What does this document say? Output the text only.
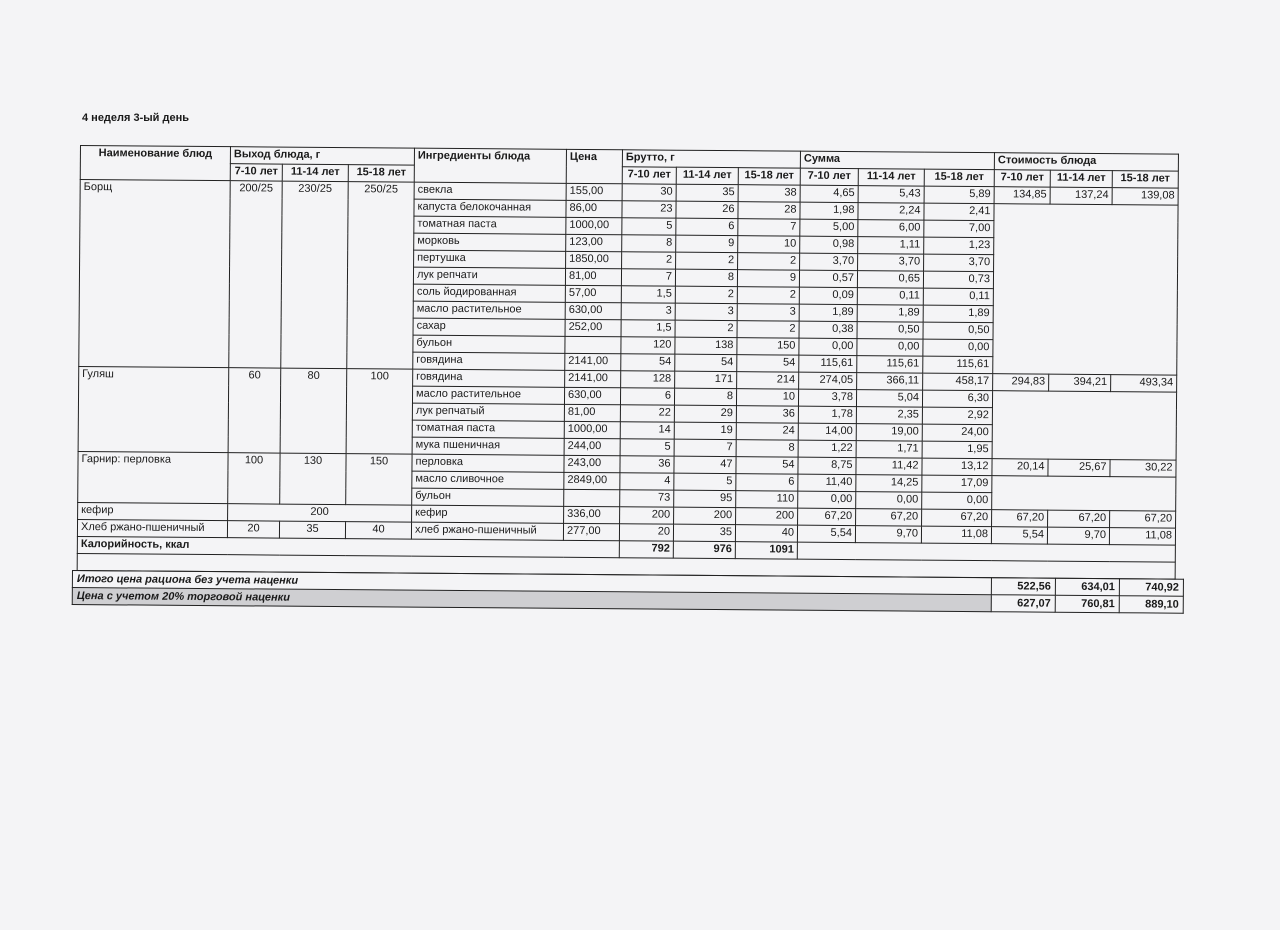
4 неделя 3-ый день
Наименование блюд	Выход блюда, г			Ингредиенты блюда	Цена	Брутто, г			Сумма			Стоимость блюда		
	7-10 лет	11-14 лет	15-18 лет			7-10 лет	11-14 лет	15-18 лет	7-10 лет	11-14 лет	15-18 лет	7-10 лет	11-14 лет	15-18 лет
Борщ	200/25	230/25	250/25	свекла	155,00	30	35	38	4,65	5,43	5,89	134,85	137,24	139,08
				капуста белокочанная	86,00	23	26	28	1,98	2,24	2,41			
				томатная паста	1000,00	5	6	7	5,00	6,00	7,00			
				морковь	123,00	8	9	10	0,98	1,11	1,23			
				пертушка	1850,00	2	2	2	3,70	3,70	3,70			
				лук репчати	81,00	7	8	9	0,57	0,65	0,73			
				соль йодированная	57,00	1,5	2	2	0,09	0,11	0,11			
				масло растительное	630,00	3	3	3	1,89	1,89	1,89			
				сахар	252,00	1,5	2	2	0,38	0,50	0,50			
				бульон		120	138	150	0,00	0,00	0,00			
				говядина	2141,00	54	54	54	115,61	115,61	115,61			
Гуляш	60	80	100	говядина	2141,00	128	171	214	274,05	366,11	458,17	294,83	394,21	493,34
				масло растительное	630,00	6	8	10	3,78	5,04	6,30			
				лук репчатый	81,00	22	29	36	1,78	2,35	2,92			
				томатная паста	1000,00	14	19	24	14,00	19,00	24,00			
				мука пшеничная	244,00	5	7	8	1,22	1,71	1,95			
Гарнир: перловка	100	130	150	перловка	243,00	36	47	54	8,75	11,42	13,12	20,14	25,67	30,22
				масло сливочное	2849,00	4	5	6	11,40	14,25	17,09			
				бульон		73	95	110	0,00	0,00	0,00			
кефир	200			кефир	336,00	200	200	200	67,20	67,20	67,20	67,20	67,20	67,20
Хлеб ржано-пшеничный	20	35	40	хлеб ржано-пшеничный	277,00	20	35	40	5,54	9,70	11,08	5,54	9,70	11,08
Калорийность, ккал						792	976	1091						

Итого цена рациона без учета наценки	522,56	634,01	740,92
Цена с учетом 20% торговой наценки	627,07	760,81	889,10
